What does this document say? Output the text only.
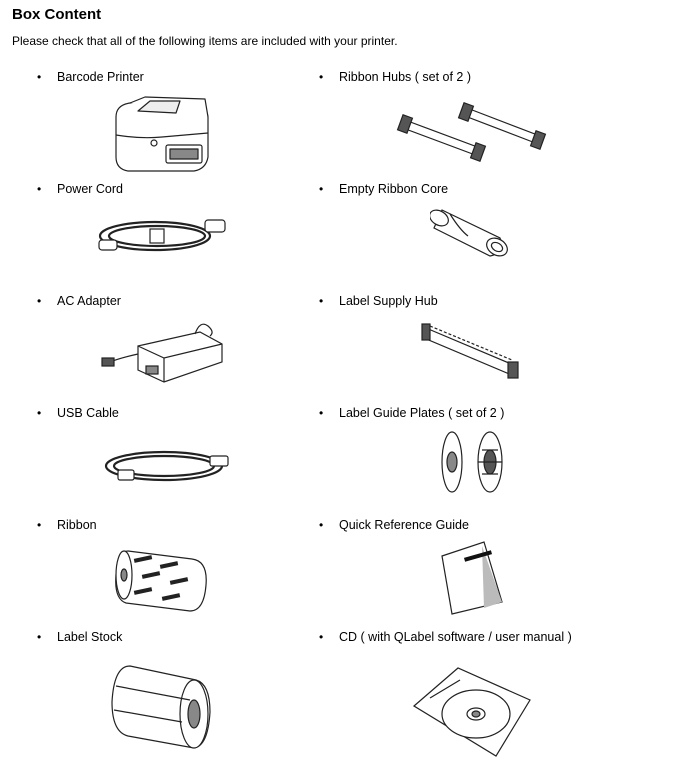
Box Content
Please check that all of the following items are included with your printer.
• Barcode Printer
• Power Cord
• AC Adapter
• USB Cable
• Ribbon
• Label Stock
• Ribbon Hubs ( set of 2 )
• Empty Ribbon Core
• Label Supply Hub
• Label Guide Plates ( set of 2 )
• Quick Reference Guide
• CD ( with QLabel software / user manual )
